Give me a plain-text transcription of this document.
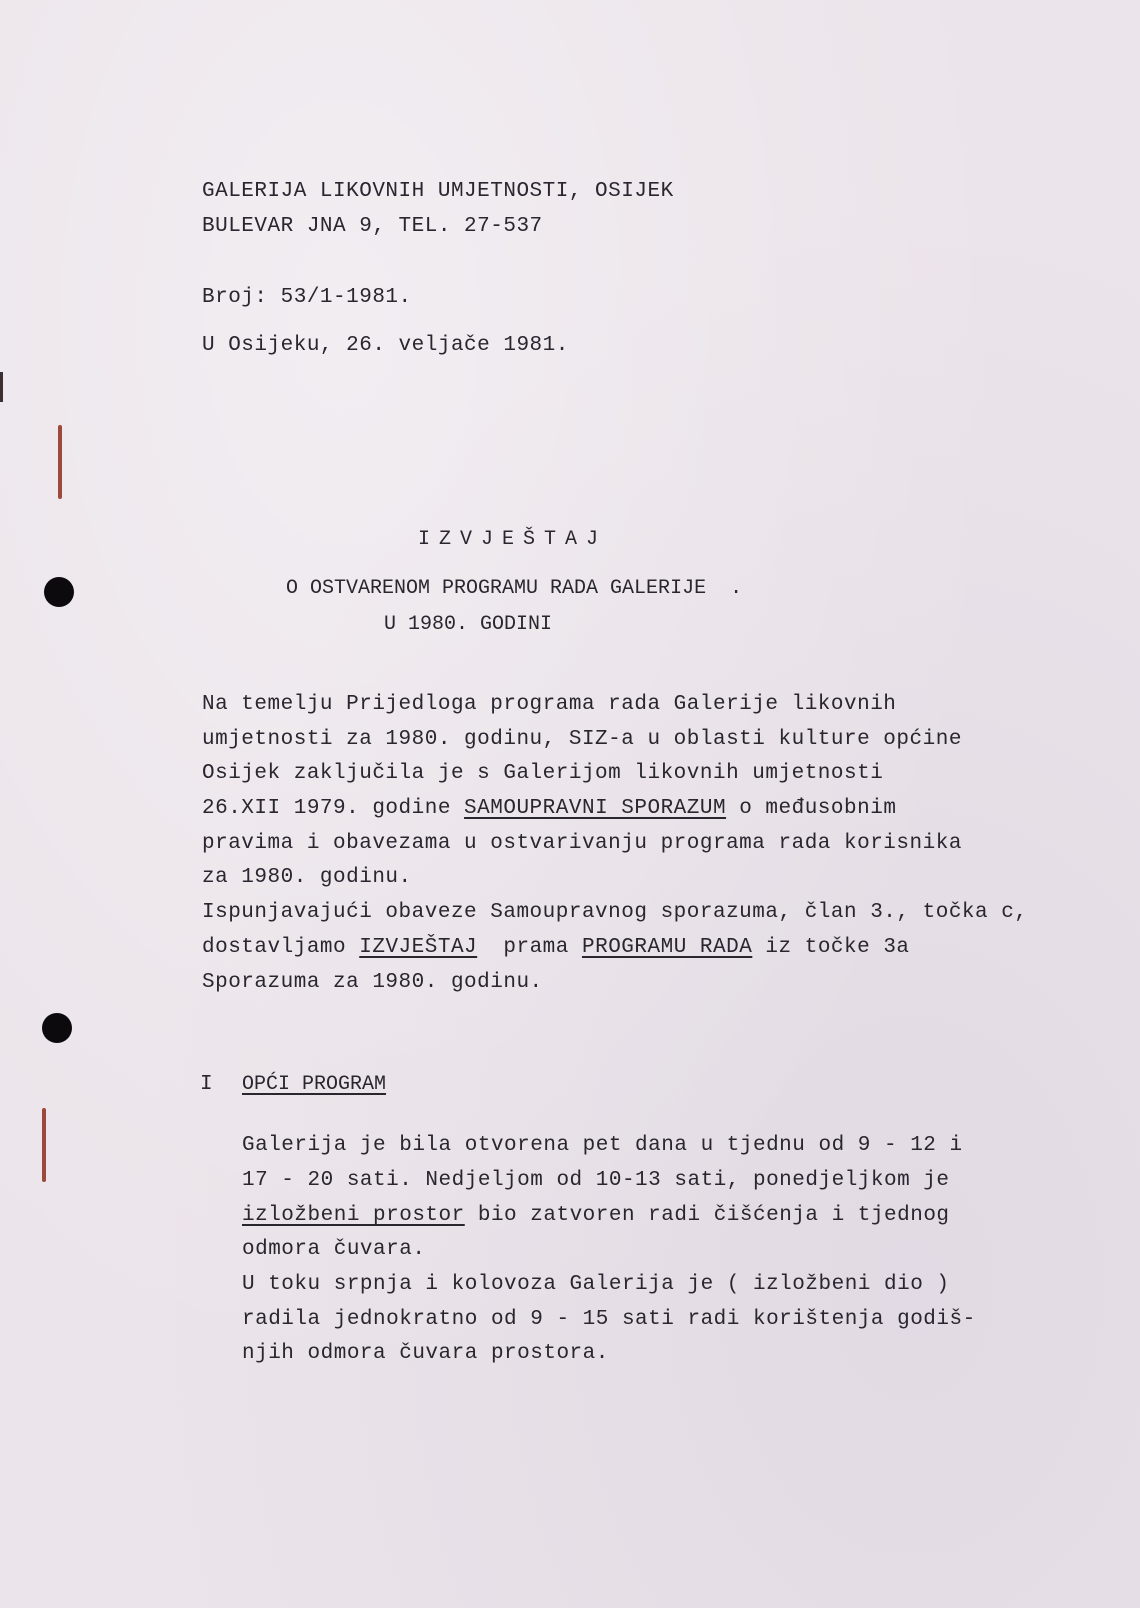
GALERIJA LIKOVNIH UMJETNOSTI, OSIJEK
BULEVAR JNA 9, TEL. 27-537
Broj: 53/1-1981.
U Osijeku, 26. veljače 1981.
IZVJEŠTAJ
O OSTVARENOM PROGRAMU RADA GALERIJE  .
U 1980. GODINI
Na temelju Prijedloga programa rada Galerije likovnih
umjetnosti za 1980. godinu, SIZ-a u oblasti kulture općine
Osijek zaključila je s Galerijom likovnih umjetnosti
26.XII 1979. godine SAMOUPRAVNI SPORAZUM o međusobnim
pravima i obavezama u ostvarivanju programa rada korisnika
za 1980. godinu.
Ispunjavajući obaveze Samoupravnog sporazuma, član 3., točka c,
dostavljamo IZVJEŠTAJ  prama PROGRAMU RADA iz točke 3a
Sporazuma za 1980. godinu.
I OPĆI PROGRAM
Galerija je bila otvorena pet dana u tjednu od 9 - 12 i
17 - 20 sati. Nedjeljom od 10-13 sati, ponedjeljkom je
izložbeni prostor bio zatvoren radi čišćenja i tjednog
odmora čuvara.
U toku srpnja i kolovoza Galerija je ( izložbeni dio )
radila jednokratno od 9 - 15 sati radi korištenja godiš-
njih odmora čuvara prostora.
